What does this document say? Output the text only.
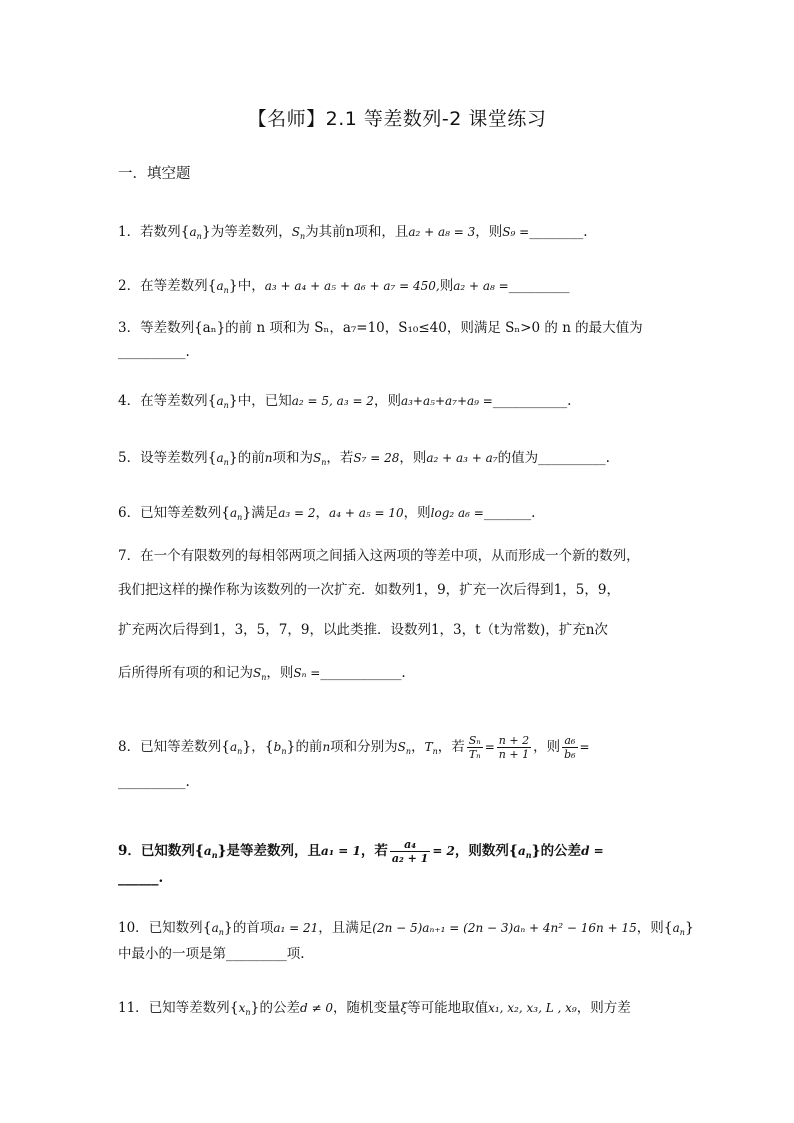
【名师】2.1 等差数列-2 课堂练习
一．填空题
1．若数列$\{a_n\}$为等差数列，$S_n$为其前n项和，且a₂ + a₈ = 3，则S₉ =________.
2．在等差数列$\{a_n\}$中，a₃ + a₄ + a₅ + a₆ + a₇ = 450,则a₂ + a₈ =_________
3．等差数列{aₙ}的前 n 项和为 Sₙ，a₇=10，S₁₀≤40，则满足 Sₙ>0 的 n 的最大值为
__________.
4．在等差数列$\{a_n\}$中，已知a₂ = 5, a₃ = 2，则a₃+a₅+a₇+a₉ =___________.
5．设等差数列$\{a_n\}$的前n项和为$S_n$，若S₇ = 28，则a₂ + a₃ + a₇的值为__________.
6．已知等差数列$\{a_n\}$满足a₃ = 2，a₄ + a₅ = 10，则log₂ a₆ =_______.
7．在一个有限数列的每相邻两项之间插入这两项的等差中项，从而形成一个新的数列，
我们把这样的操作称为该数列的一次扩充．如数列1，9，扩充一次后得到1，5，9，
扩充两次后得到1，3，5，7，9，以此类推．设数列1，3，t（t为常数)，扩充n次
后所得所有项的和记为$S_n$，则Sₙ =____________.
8．已知等差数列$\{a_n\}$，$\{b_n\}$的前n项和分别为$S_n$，$T_n$，若 $\frac{\text{Sₙ}}{\text{Tₙ}} = \frac{n + 2}{n + 1}$ ，则 $\frac{\text{a₆}}{\text{b₆}}$ =
__________.
9．已知数列$\{a_n\}$是等差数列，且a₁ = 1，若 $\frac{\text{a₄}}{\text{a₂ + 1}} = 2$，则数列$\{a_n\}$的公差d =
______.
10．已知数列$\{a_n\}$的首项a₁ = 21，且满足(2n − 5)aₙ₊₁ = (2n − 3)aₙ + 4n² − 16n + 15，则$\{a_n\}$
中最小的一项是第_________项.
11．已知等差数列$\{x_n\}$的公差d ≠ 0，随机变量ξ等可能地取值x₁, x₂, x₃, L , x₉，则方差
